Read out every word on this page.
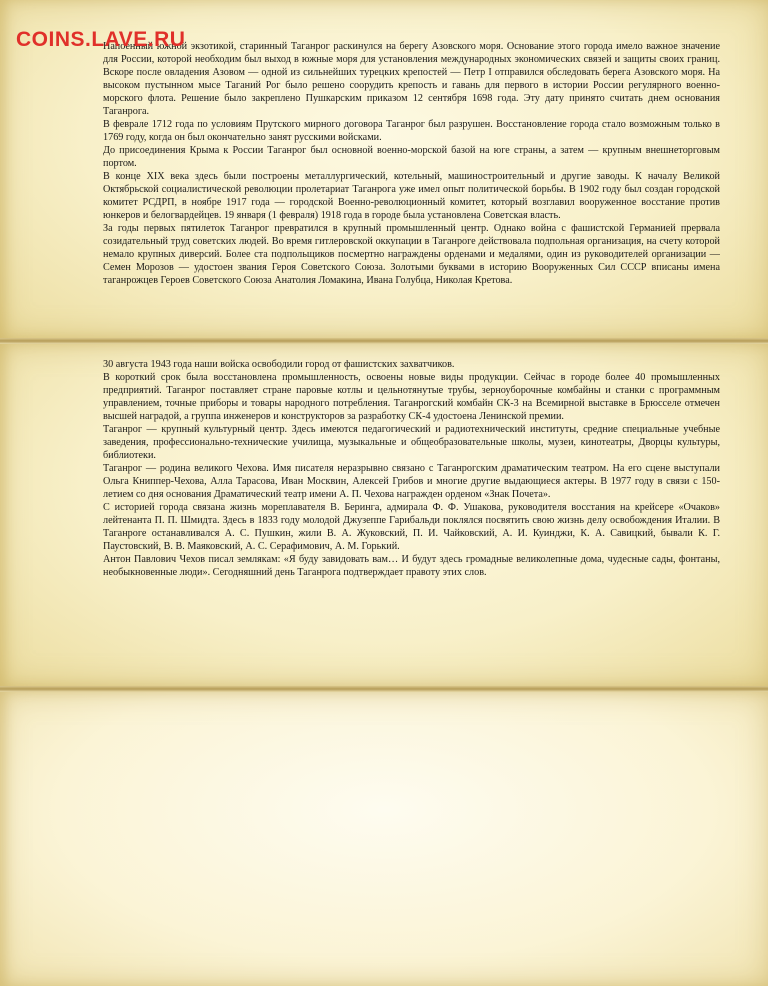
COINS.LAVE.RU

Напоенный южной экзотикой, старинный Таганрог раскинулся на берегу Азовского моря. Основание этого города имело важное значение для России, которой необходим был выход в южные моря для установления международных экономических связей и защиты своих границ. Вскоре после овладения Азовом — одной из сильнейших турецких крепостей — Петр I отправился обследовать берега Азовского моря. На высоком пустынном мысе Таганий Рог было решено соорудить крепость и гавань для первого в истории России регулярного военно-морского флота. Решение было закреплено Пушкарским приказом 12 сентября 1698 года. Эту дату принято считать днем основания Таганрога.

В феврале 1712 года по условиям Прутского мирного договора Таганрог был разрушен. Восстановление города стало возможным только в 1769 году, когда он был окончательно занят русскими войсками.

До присоединения Крыма к России Таганрог был основной военно-морской базой на юге страны, а затем — крупным внешнеторговым портом.

В конце XIX века здесь были построены металлургический, котельный, машиностроительный и другие заводы. К началу Великой Октябрьской социалистической революции пролетариат Таганрога уже имел опыт политической борьбы. В 1902 году был создан городской комитет РСДРП, в ноябре 1917 года — городской Военно-революционный комитет, который возглавил вооруженное восстание против юнкеров и белогвардейцев. 19 января (1 февраля) 1918 года в городе была установлена Советская власть.

За годы первых пятилеток Таганрог превратился в крупный промышленный центр. Однако война с фашистской Германией прервала созидательный труд советских людей. Во время гитлеровской оккупации в Таганроге действовала подпольная организация, на счету которой немало крупных диверсий. Более ста подпольщиков посмертно награждены орденами и медалями, один из руководителей организации — Семен Морозов — удостоен звания Героя Советского Союза. Золотыми буквами в историю Вооруженных Сил СССР вписаны имена таганрожцев Героев Советского Союза Анатолия Ломакина, Ивана Голубца, Николая Кретова.

30 августа 1943 года наши войска освободили город от фашистских захватчиков.

В короткий срок была восстановлена промышленность, освоены новые виды продукции. Сейчас в городе более 40 промышленных предприятий. Таганрог поставляет стране паровые котлы и цельнотянутые трубы, зерноуборочные комбайны и станки с программным управлением, точные приборы и товары народного потребления. Таганрогский комбайн СК-3 на Всемирной выставке в Брюсселе отмечен высшей наградой, а группа инженеров и конструкторов за разработку СК-4 удостоена Ленинской премии.

Таганрог — крупный культурный центр. Здесь имеются педагогический и радиотехнический институты, средние специальные учебные заведения, профессионально-технические училища, музыкальные и общеобразовательные школы, музеи, кинотеатры, Дворцы культуры, библиотеки.

Таганрог — родина великого Чехова. Имя писателя неразрывно связано с Таганрогским драматическим театром. На его сцене выступали Ольга Книппер-Чехова, Алла Тарасова, Иван Москвин, Алексей Грибов и многие другие выдающиеся актеры. В 1977 году в связи с 150-летием со дня основания Драматический театр имени А. П. Чехова награжден орденом «Знак Почета».

С историей города связана жизнь мореплавателя В. Беринга, адмирала Ф. Ф. Ушакова, руководителя восстания на крейсере «Очаков» лейтенанта П. П. Шмидта. Здесь в 1833 году молодой Джузеппе Гарибальди поклялся посвятить свою жизнь делу освобождения Италии. В Таганроге останавливался А. С. Пушкин, жили В. А. Жуковский, П. И. Чайковский, А. И. Куинджи, К. А. Савицкий, бывали К. Г. Паустовский, В. В. Маяковский, А. С. Серафимович, А. М. Горький.

Антон Павлович Чехов писал землякам: «Я буду завидовать вам… И будут здесь громадные великолепные дома, чудесные сады, фонтаны, необыкновенные люди». Сегодняшний день Таганрога подтверждает правоту этих слов.
